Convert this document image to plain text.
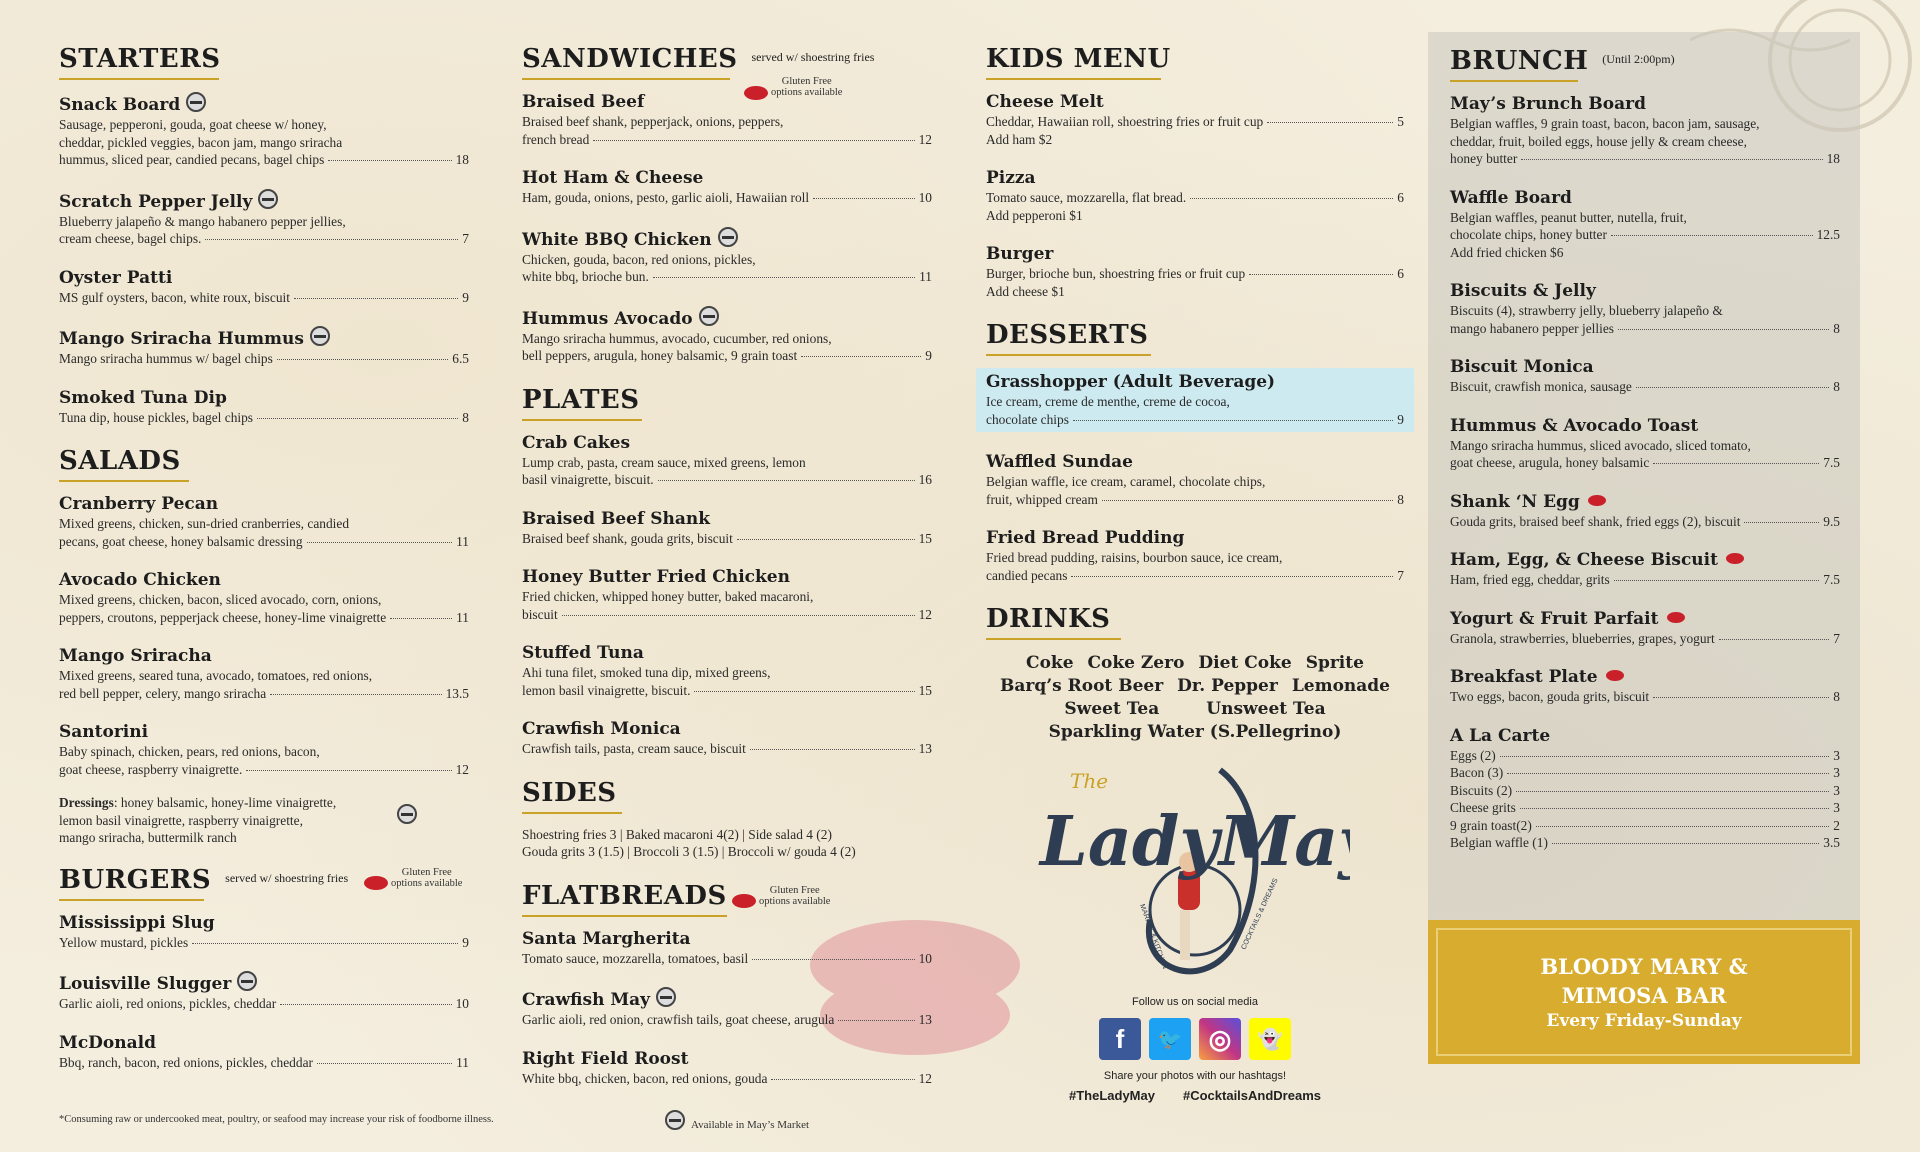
STARTERS
Snack Board
Sausage, pepperoni, gouda, goat cheese w/ honey,
cheddar, pickled veggies, bacon jam, mango sriracha
hummus, sliced pear, candied pecans, bagel chips	18
Scratch Pepper Jelly
Blueberry jalapeño & mango habanero pepper jellies,
cream cheese, bagel chips.	7
Oyster Patti
MS gulf oysters, bacon, white roux, biscuit	9
Mango Sriracha Hummus
Mango sriracha hummus w/ bagel chips	6.5
Smoked Tuna Dip
Tuna dip, house pickles, bagel chips	8
SALADS
Cranberry Pecan
Mixed greens, chicken, sun-dried cranberries, candied
pecans, goat cheese, honey balsamic dressing	11
Avocado Chicken
Mixed greens, chicken, bacon, sliced avocado, corn, onions,
peppers, croutons, pepperjack cheese, honey-lime vinaigrette	11
Mango Sriracha
Mixed greens, seared tuna, avocado, tomatoes, red onions,
red bell pepper, celery, mango sriracha	13.5
Santorini
Baby spinach, chicken, pears, red onions, bacon,
goat cheese, raspberry vinaigrette.	12
Dressings: honey balsamic, honey-lime vinaigrette,
lemon basil vinaigrette, raspberry vinaigrette,
mango sriracha, buttermilk ranch
BURGERS $^{served w/ shoestring fries}$	Gluten Free
options available
Mississippi Slug
Yellow mustard, pickles	9
Louisville Slugger
Garlic aioli, red onions, pickles, cheddar	10
McDonald
Bbq, ranch, bacon, red onions, pickles, cheddar	11
SANDWICHES $^{served w/ shoestring fries}$
Gluten Free
options available
Braised Beef
Braised beef shank, pepperjack, onions, peppers,
french bread	12
Hot Ham & Cheese
Ham, gouda, onions, pesto, garlic aioli, Hawaiian roll	10
White BBQ Chicken
Chicken, gouda, bacon, red onions, pickles,
white bbq, brioche bun.	11
Hummus Avocado
Mango sriracha hummus, avocado, cucumber, red onions,
bell peppers, arugula, honey balsamic, 9 grain toast	9
PLATES
Crab Cakes
Lump crab, pasta, cream sauce, mixed greens, lemon
basil vinaigrette, biscuit.	16
Braised Beef Shank
Braised beef shank, gouda grits, biscuit	15
Honey Butter Fried Chicken
Fried chicken, whipped honey butter, baked macaroni,
biscuit	12
Stuffed Tuna
Ahi tuna filet, smoked tuna dip, mixed greens,
lemon basil vinaigrette, biscuit.	15
Crawfish Monica
Crawfish tails, pasta, cream sauce, biscuit	13
SIDES
Shoestring fries 3 | Baked macaroni 4(2) | Side salad 4 (2)
Gouda grits 3 (1.5) | Broccoli 3 (1.5) | Broccoli w/ gouda 4 (2)
FLATBREADS	Gluten Free
options available
Santa Margherita
Tomato sauce, mozzarella, tomatoes, basil	10
Crawfish May
Garlic aioli, red onion, crawfish tails, goat cheese, arugula	13
Right Field Roost
White bbq, chicken, bacon, red onions, gouda	12
KIDS MENU
Cheese Melt
Cheddar, Hawaiian roll, shoestring fries or fruit cup	5
Add ham $2
Pizza
Tomato sauce, mozzarella, flat bread.	6
Add pepperoni $1
Burger
Burger, brioche bun, shoestring fries or fruit cup	6
Add cheese $1
DESSERTS
Grasshopper (Adult Beverage)
Ice cream, creme de menthe, creme de cocoa,
chocolate chips	9
Waffled Sundae
Belgian waffle, ice cream, caramel, chocolate chips,
fruit, whipped cream	8
Fried Bread Pudding
Fried bread pudding, raisins, bourbon sauce, ice cream,
candied pecans	7
DRINKS
Coke Coke Zero Diet Coke Sprite
Barq’s Root Beer Dr. Pepper Lemonade
Sweet Tea	Unsweet Tea
Sparkling Water (S.Pellegrino)
The
LadyMay
MARKET & KITCHEN	COCKTAILS & DREAMS
Follow us on social media
f	🐦	◎	👻
Share your photos with our hashtags!
#TheLadyMay #CocktailsAndDreams
BRUNCH $^{(Until 2:00pm)}$
May’s Brunch Board
Belgian waffles, 9 grain toast, bacon, bacon jam, sausage,
cheddar, fruit, boiled eggs, house jelly & cream cheese,
honey butter	18
Waffle Board
Belgian waffles, peanut butter, nutella, fruit,
chocolate chips, honey butter	12.5
Add fried chicken $6
Biscuits & Jelly
Biscuits (4), strawberry jelly, blueberry jalapeño &
mango habanero pepper jellies	8
Biscuit Monica
Biscuit, crawfish monica, sausage	8
Hummus & Avocado Toast
Mango sriracha hummus, sliced avocado, sliced tomato,
goat cheese, arugula, honey balsamic	7.5
Shank ‘N Egg
Gouda grits, braised beef shank, fried eggs (2), biscuit	9.5
Ham, Egg, & Cheese Biscuit
Ham, fried egg, cheddar, grits	7.5
Yogurt & Fruit Parfait
Granola, strawberries, blueberries, grapes, yogurt	7
Breakfast Plate
Two eggs, bacon, gouda grits, biscuit	8
A La Carte
Eggs (2)	3
Bacon (3)	3
Biscuits (2)	3
Cheese grits	3
9 grain toast(2)	2
Belgian waffle (1)	3.5
BLOODY MARY &
MIMOSA BAR
Every Friday-Sunday
*Consuming raw or undercooked meat, poultry, or seafood may increase your risk of foodborne illness.	Available in May’s Market
